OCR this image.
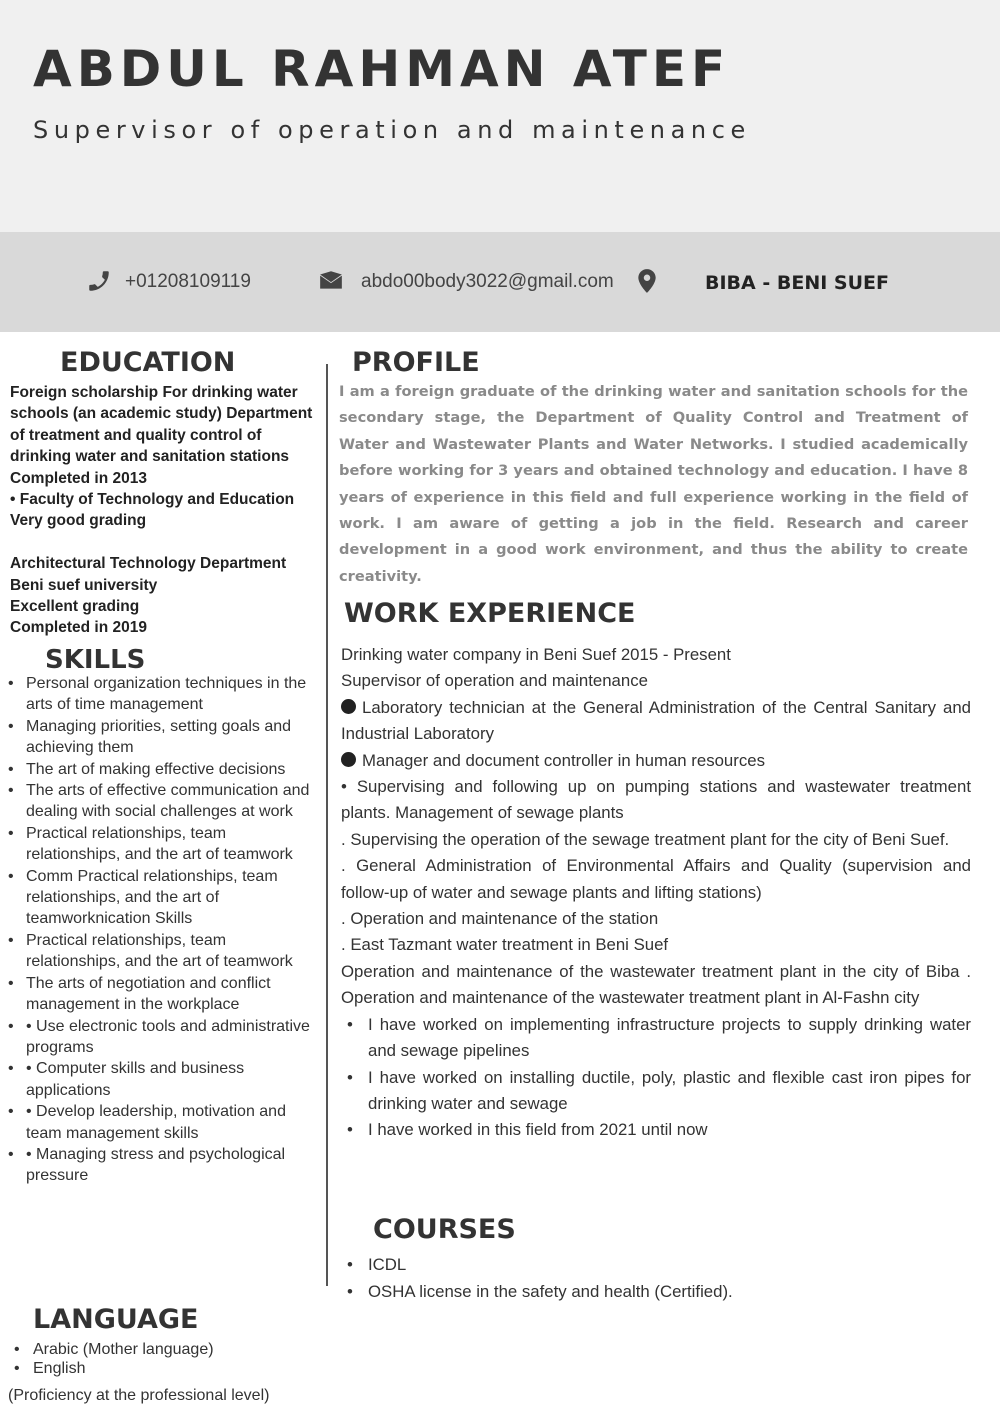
ABDUL RAHMAN ATEF
Supervisor of operation and maintenance
+01208109119	abdo00body3022@gmail.com	BIBA - BENI SUEF
EDUCATION

Foreign scholarship For drinking water schools (an academic study) Department of treatment and quality control of drinking water and sanitation stations

Completed in 2013

• Faculty of Technology and Education

Very good grading

Architectural Technology Department

Beni suef university

Excellent grading

Completed in 2019

SKILLS
• Personal organization techniques in the arts of time management
• Managing priorities, setting goals and achieving them
• The art of making effective decisions
• The arts of effective communication and dealing with social challenges at work
• Practical relationships, team relationships, and the art of teamwork
• Comm Practical relationships, team relationships, and the art of teamworknication Skills
• Practical relationships, team relationships, and the art of teamwork
• The arts of negotiation and conflict management in the workplace
• • Use electronic tools and administrative programs
• • Computer skills and business applications
• • Develop leadership, motivation and team management skills
• • Managing stress and psychological pressure
LANGUAGE
• Arabic (Mother language)
• English
(Proficiency at the professional level)
PROFILE

I am a foreign graduate of the drinking water and sanitation schools for the secondary stage, the Department of Quality Control and Treatment of Water and Wastewater Plants and Water Networks. I studied academically before working for 3 years and obtained technology and education. I have 8 years of experience in this field and full experience working in the field of work. I am aware of getting a job in the field. Research and career development in a good work environment, and thus the ability to create creativity.

WORK EXPERIENCE

Drinking water company in Beni Suef 2015 - Present

Supervisor of operation and maintenance

Laboratory technician at the General Administration of the Central Sanitary and Industrial Laboratory

Manager and document controller in human resources

• Supervising and following up on pumping stations and wastewater treatment plants. Management of sewage plants

. Supervising the operation of the sewage treatment plant for the city of Beni Suef.

. General Administration of Environmental Affairs and Quality (supervision and follow-up of water and sewage plants and lifting stations)

. Operation and maintenance of the station

. East Tazmant water treatment in Beni Suef

Operation and maintenance of the wastewater treatment plant in the city of Biba . Operation and maintenance of the wastewater treatment plant in Al-Fashn city

• I have worked on implementing infrastructure projects to supply drinking water and sewage pipelines
• I have worked on installing ductile, poly, plastic and flexible cast iron pipes for drinking water and sewage
• I have worked in this field from 2021 until now
COURSES
• ICDL
• OSHA license in the safety and health (Certified).
